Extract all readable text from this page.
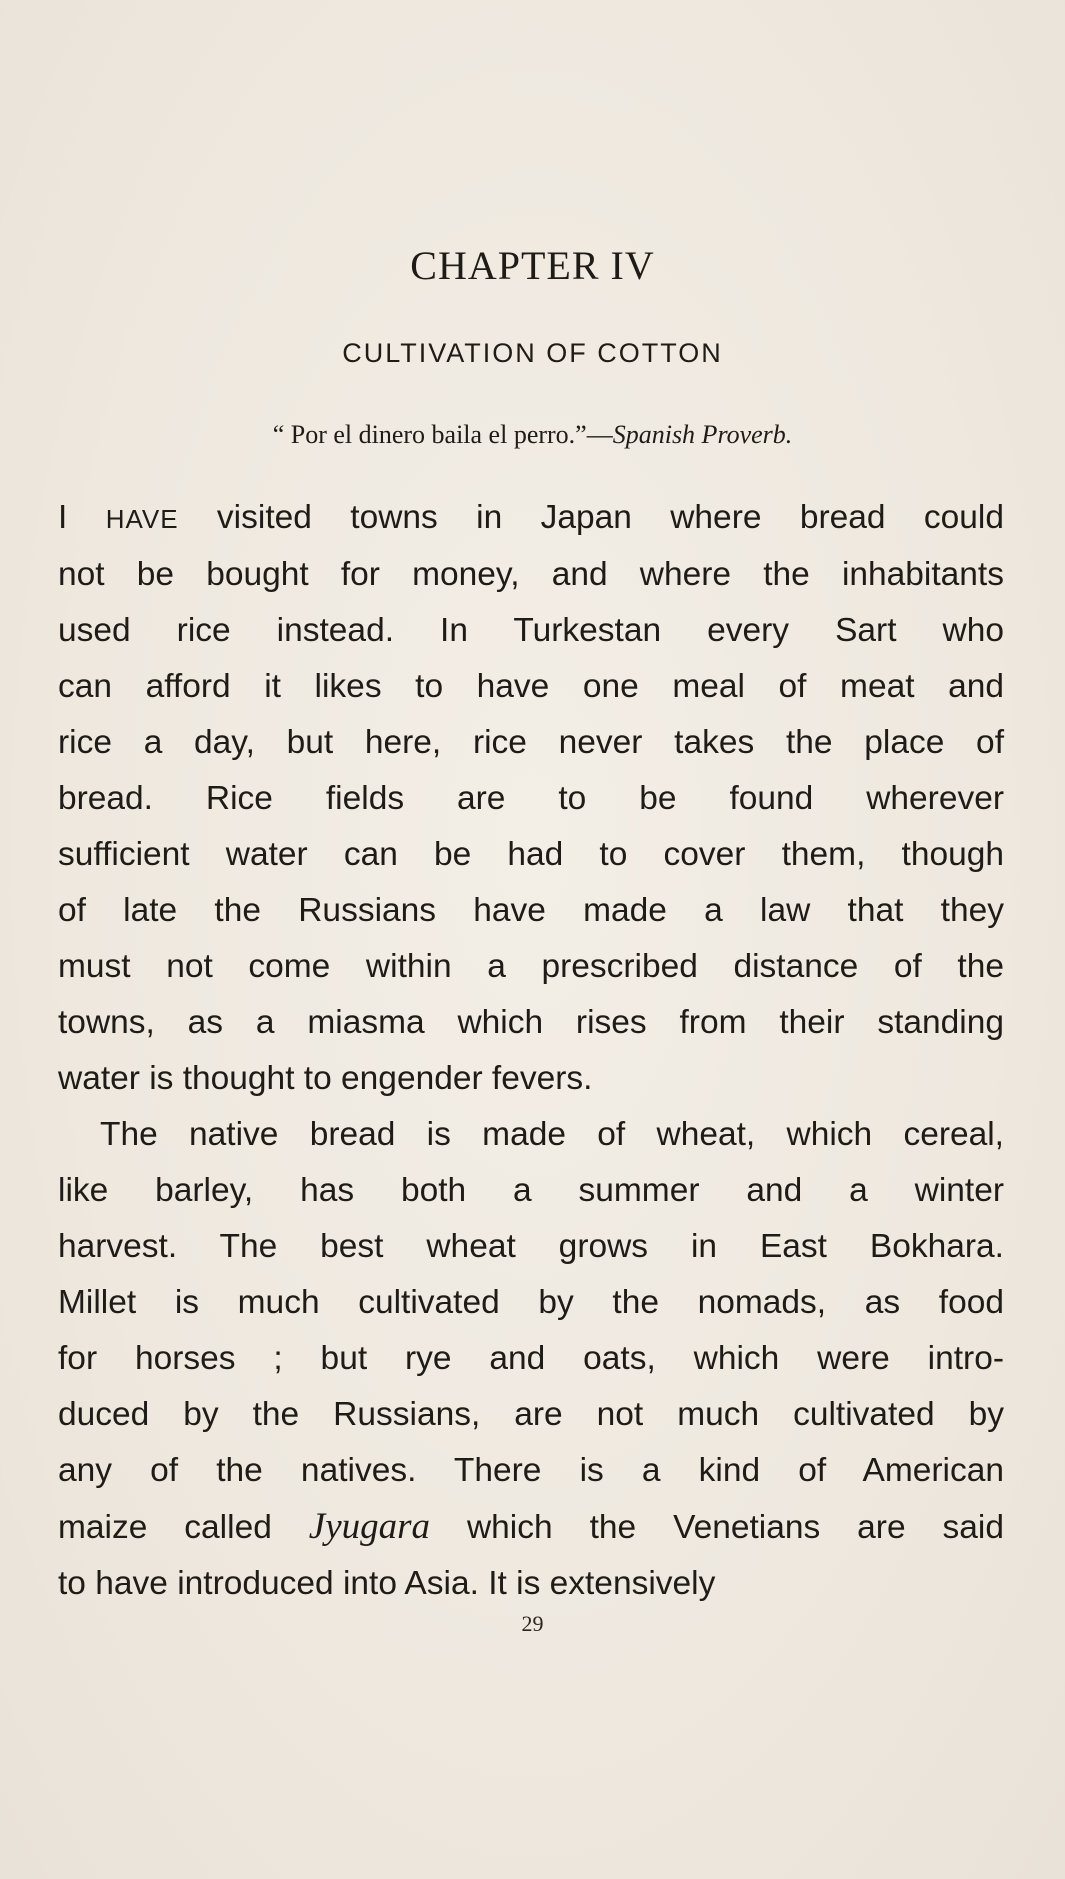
CHAPTER IV
CULTIVATION OF COTTON

“ Por el dinero baila el perro.”—Spanish Proverb.

I HAVE visited towns in Japan where bread could
not be bought for money, and where the inhabitants
used rice instead. In Turkestan every Sart who
can afford it likes to have one meal of meat and
rice a day, but here, rice never takes the place of
bread. Rice fields are to be found wherever
sufficient water can be had to cover them, though
of late the Russians have made a law that they
must not come within a prescribed distance of the
towns, as a miasma which rises from their standing
water is thought to engender fevers.

The native bread is made of wheat, which cereal,
like barley, has both a summer and a winter
harvest. The best wheat grows in East Bokhara.
Millet is much cultivated by the nomads, as food
for horses ; but rye and oats, which were intro-
duced by the Russians, are not much cultivated by
any of the natives. There is a kind of American
maize called Jyugara which the Venetians are said
to have introduced into Asia. It is extensively

29
